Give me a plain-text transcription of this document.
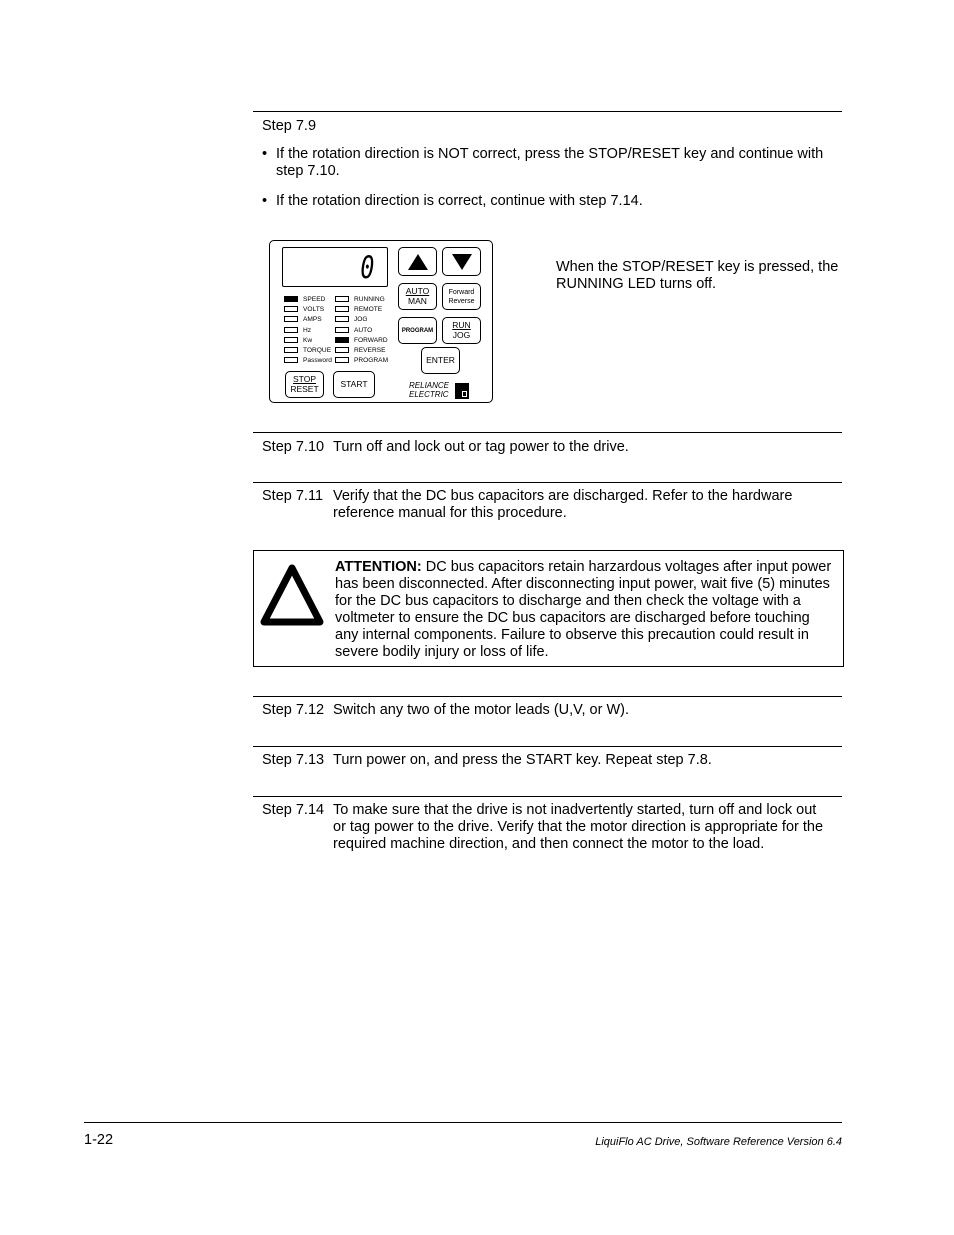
Step 7.9
• If the rotation direction is NOT correct, press the STOP/RESET key and continue with step 7.10.
• If the rotation direction is correct, continue with step 7.14.
0
SPEED
VOLTS
AMPS
Hz
Kw
TORQUE
Password
RUNNING
REMOTE
JOG
AUTO
FORWARD
REVERSE
PROGRAM
AUTO
MAN
Forward
Reverse
PROGRAM
RUN
JOG
ENTER
STOP
RESET	START	RELIANCE
ELECTRIC
When the STOP/RESET key is pressed, the RUNNING LED turns off.
Step 7.10 Turn off and lock out or tag power to the drive.
Step 7.11 Verify that the DC bus capacitors are discharged. Refer to the hardware reference manual for this procedure.
ATTENTION: DC bus capacitors retain harzardous voltages after input power has been disconnected. After disconnecting input power, wait five (5) minutes for the DC bus capacitors to discharge and then check the voltage with a voltmeter to ensure the DC bus capacitors are discharged before touching any internal components. Failure to observe this precaution could result in severe bodily injury or loss of life.
Step 7.12 Switch any two of the motor leads (U,V, or W).
Step 7.13 Turn power on, and press the START key. Repeat step 7.8.
Step 7.14 To make sure that the drive is not inadvertently started, turn off and lock out or tag power to the drive. Verify that the motor direction is appropriate for the required machine direction, and then connect the motor to the load.
1-22	LiquiFlo AC Drive, Software Reference Version 6.4
